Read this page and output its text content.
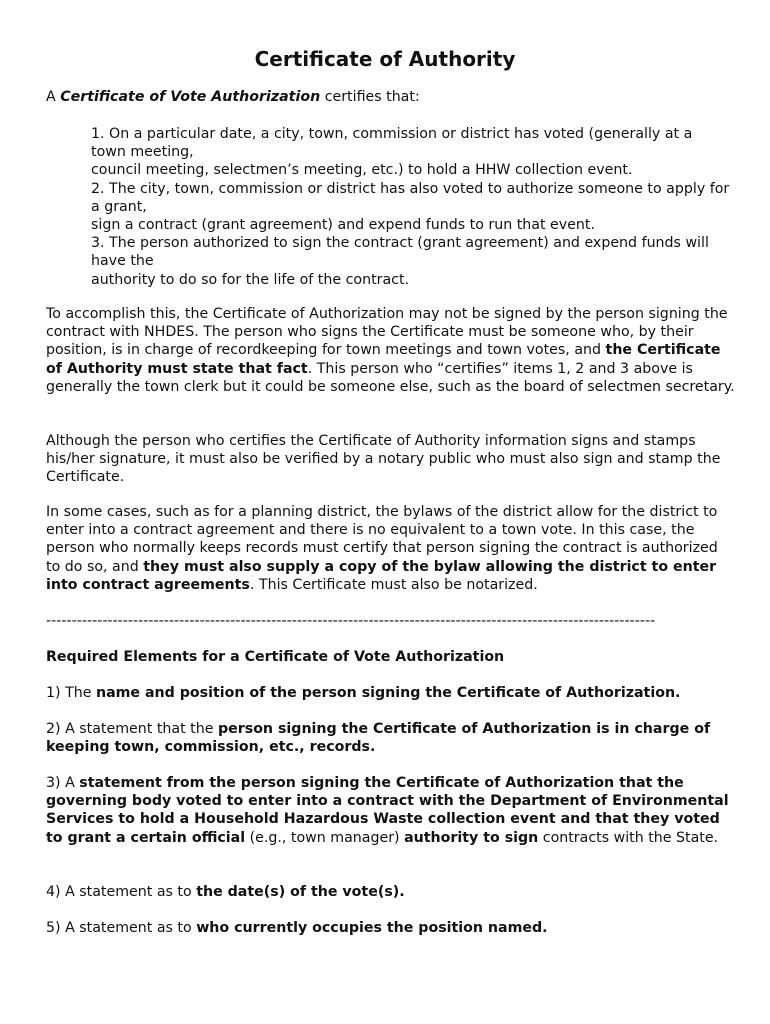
Certificate of Authority
A Certificate of Vote Authorization certifies that:
1. On a particular date, a city, town, commission or district has voted (generally at a town meeting,
council meeting, selectmen’s meeting, etc.) to hold a HHW collection event.
2. The city, town, commission or district has also voted to authorize someone to apply for a grant,
sign a contract (grant agreement) and expend funds to run that event.
3. The person authorized to sign the contract (grant agreement) and expend funds will have the
authority to do so for the life of the contract.
To accomplish this, the Certificate of Authorization may not be signed by the person signing the contract with NHDES. The person who signs the Certificate must be someone who, by their position, is in charge of recordkeeping for town meetings and town votes, and the Certificate of Authority must state that fact. This person who “certifies” items 1, 2 and 3 above is generally the town clerk but it could be someone else, such as the board of selectmen secretary.
Although the person who certifies the Certificate of Authority information signs and stamps his/her signature, it must also be verified by a notary public who must also sign and stamp the Certificate.
In some cases, such as for a planning district, the bylaws of the district allow for the district to enter into a contract agreement and there is no equivalent to a town vote. In this case, the person who normally keeps records must certify that person signing the contract is authorized to do so, and they must also supply a copy of the bylaw allowing the district to enter into contract agreements. This Certificate must also be notarized.
-----------------------------------------------------------------------------------------------------------------------
Required Elements for a Certificate of Vote Authorization
1) The name and position of the person signing the Certificate of Authorization.
2) A statement that the person signing the Certificate of Authorization is in charge of keeping town, commission, etc., records.
3) A statement from the person signing the Certificate of Authorization that the governing body voted to enter into a contract with the Department of Environmental Services to hold a Household Hazardous Waste collection event and that they voted to grant a certain official (e.g., town manager) authority to sign contracts with the State.
4) A statement as to the date(s) of the vote(s).
5) A statement as to who currently occupies the position named.
